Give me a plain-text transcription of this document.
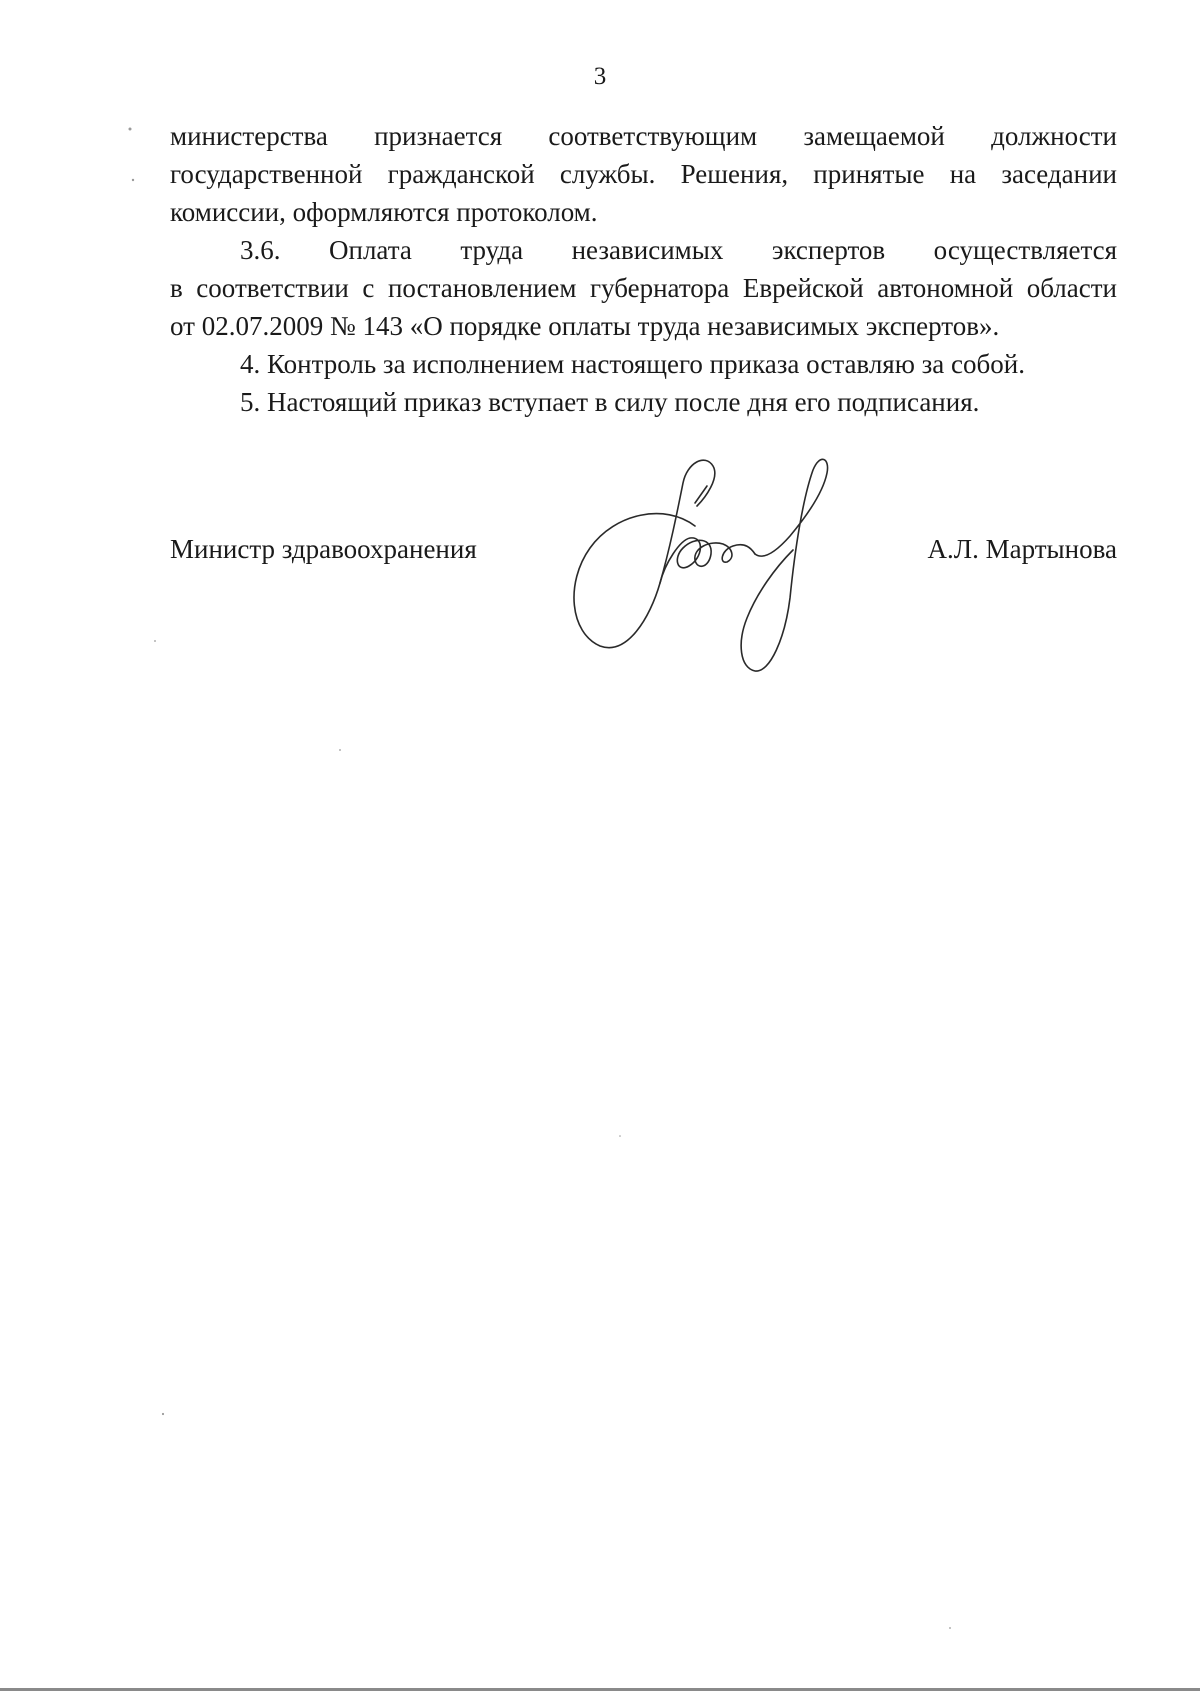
3
министерства признается соответствующим замещаемой должности
государственной гражданской службы. Решения, принятые на заседании
комиссии, оформляются протоколом.
3.6. Оплата труда независимых экспертов осуществляется
в соответствии с постановлением губернатора Еврейской автономной области
от 02.07.2009 № 143 «О порядке оплаты труда независимых экспертов».
4. Контроль за исполнением настоящего приказа оставляю за собой.
5. Настоящий приказ вступает в силу после дня его подписания.
Министр здравоохранения	А.Л. Мартынова
